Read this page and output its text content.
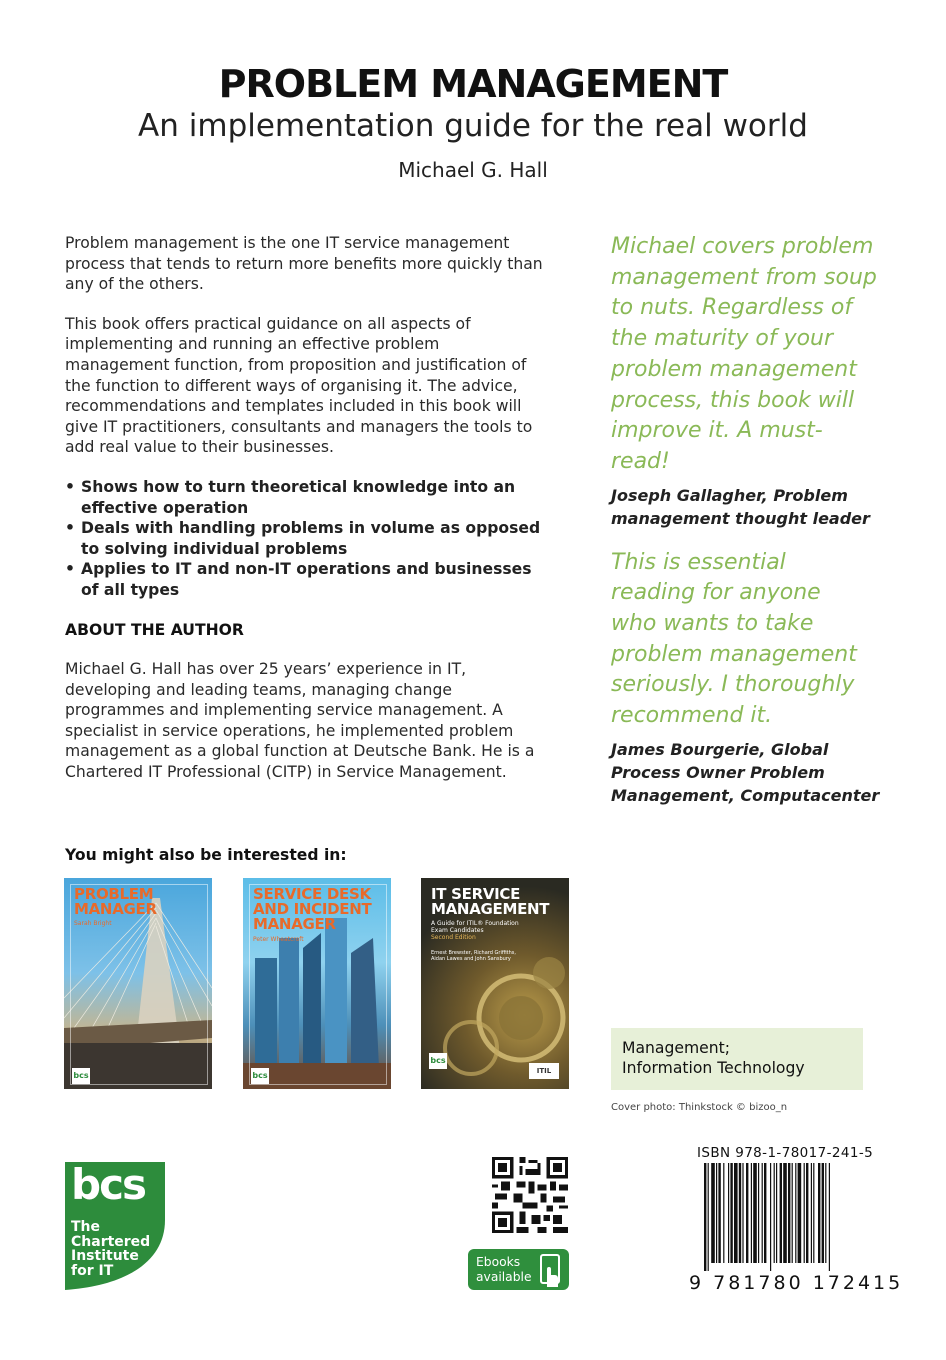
PROBLEM MANAGEMENT
An implementation guide for the real world
Michael G. Hall

Problem management is the one IT service management process that tends to return more benefits more quickly than any of the others.

This book offers practical guidance on all aspects of implementing and running an effective problem management function, from proposition and justification of the function to different ways of organising it. The advice, recommendations and templates included in this book will give IT practitioners, consultants and managers the tools to add real value to their businesses.

• Shows how to turn theoretical knowledge into an effective operation
• Deals with handling problems in volume as opposed to solving individual problems
• Applies to IT and non-IT operations and businesses of all types

ABOUT THE AUTHOR

Michael G. Hall has over 25 years’ experience in IT, developing and leading teams, managing change programmes and implementing service management. A specialist in service operations, he implemented problem management as a global function at Deutsche Bank. He is a Chartered IT Professional (CITP) in Service Management.

Michael covers problem
management from soup
to nuts. Regardless of
the maturity of your
problem management
process, this book will
improve it. A must-read!

Joseph Gallagher, Problem
management thought leader

This is essential
reading for anyone
who wants to take
problem management
seriously. I thoroughly
recommend it.

James Bourgerie, Global
Process Owner Problem
Management, Computacenter

You might also be interested in:
PROBLEM
MANAGER
Sarah Bright
bcs
SERVICE DESK
AND INCIDENT
MANAGER
Peter Wheatcroft
bcs
IT SERVICE
MANAGEMENT
A Guide for ITIL® Foundation
Exam Candidates
Second Edition
Ernest Brewster, Richard Griffiths,
Aidan Lawes and John Sansbury
bcs
ITIL
Management;
Information Technology
Cover photo: Thinkstock © bizoo_n
bcs
The
Chartered
Institute
for IT
Ebooks
available
ISBN 978-1-78017-241-5
9 781780 172415
